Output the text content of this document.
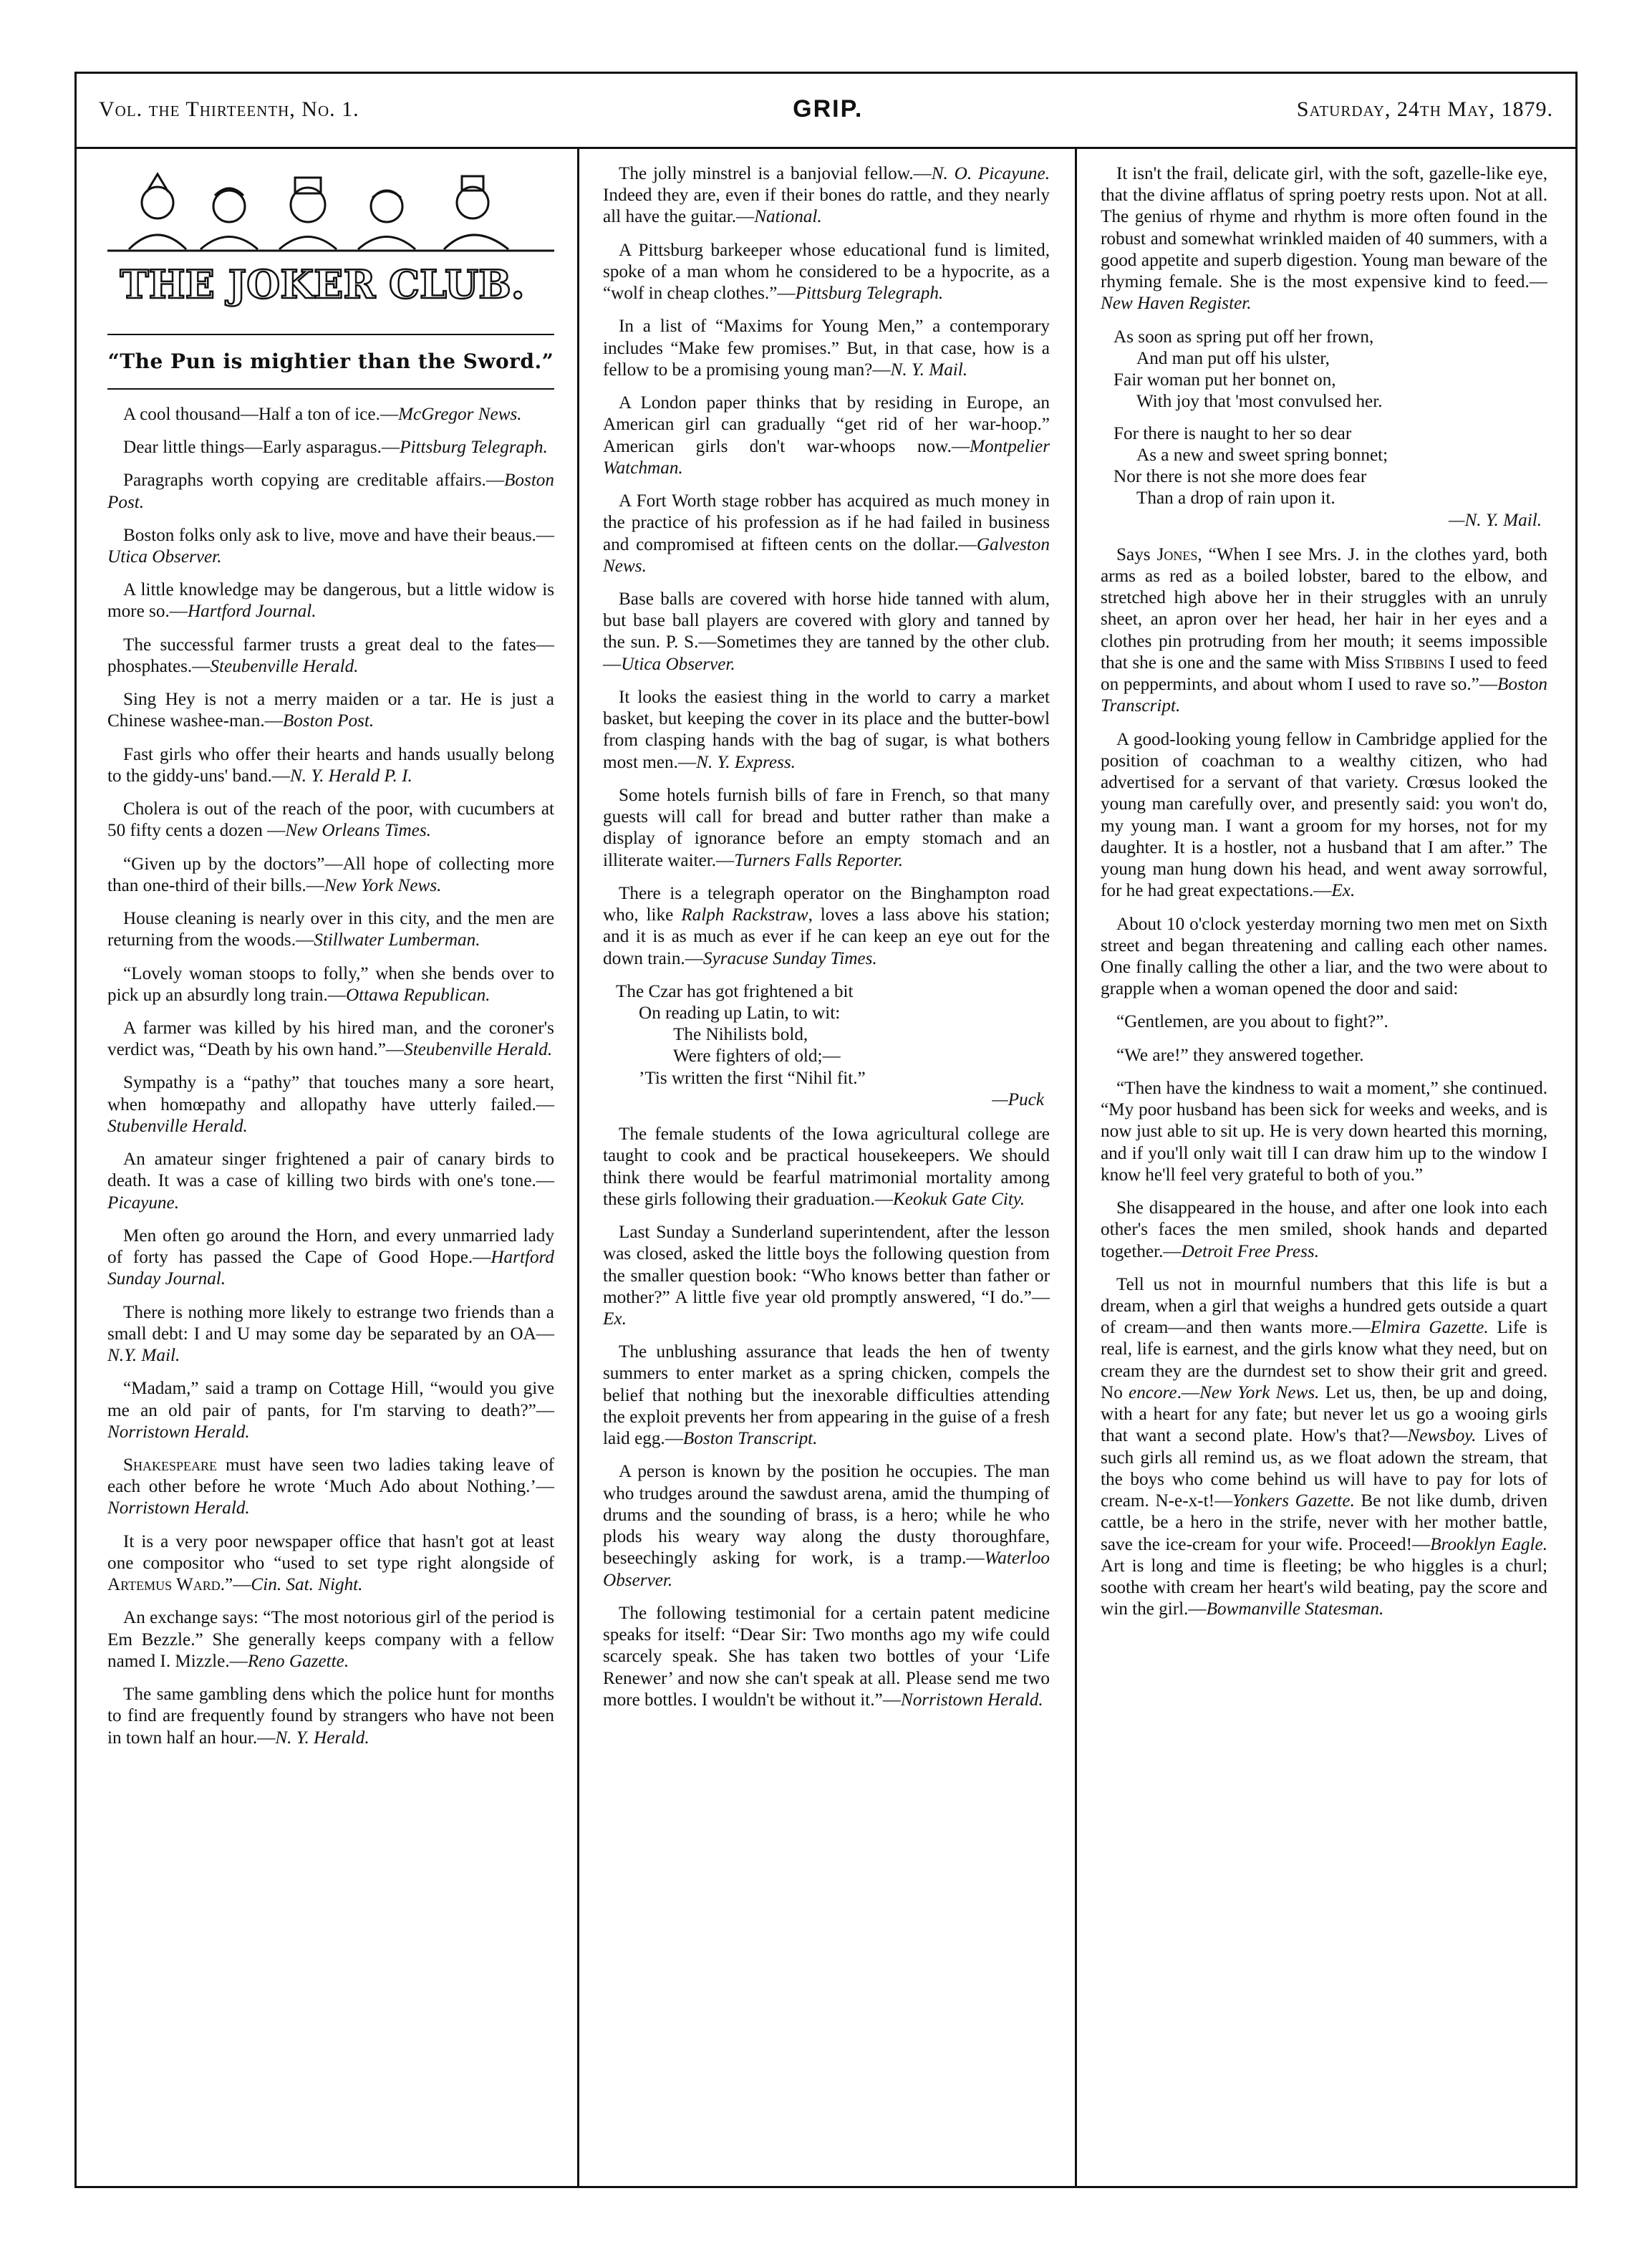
Vol. the Thirteenth, No. 1.	GRIP.	Saturday, 24th May, 1879.
THE JOKER CLUB.
“The Pun is mightier than the Sword.”

A cool thousand—Half a ton of ice.—McGregor News.

Dear little things—Early asparagus.—Pittsburg Telegraph.

Paragraphs worth copying are creditable affairs.—Boston Post.

Boston folks only ask to live, move and have their beaus.—Utica Observer.

A little knowledge may be dangerous, but a little widow is more so.—Hartford Journal.

The successful farmer trusts a great deal to the fates—phosphates.—Steubenville Herald.

Sing Hey is not a merry maiden or a tar. He is just a Chinese washee-man.—Boston Post.

Fast girls who offer their hearts and hands usually belong to the giddy-uns' band.—N. Y. Herald P. I.

Cholera is out of the reach of the poor, with cucumbers at 50 fifty cents a dozen —New Orleans Times.

“Given up by the doctors”—All hope of collecting more than one-third of their bills.—New York News.

House cleaning is nearly over in this city, and the men are returning from the woods.—Stillwater Lumberman.

“Lovely woman stoops to folly,” when she bends over to pick up an absurdly long train.—Ottawa Republican.

A farmer was killed by his hired man, and the coroner's verdict was, “Death by his own hand.”—Steubenville Herald.

Sympathy is a “pathy” that touches many a sore heart, when homœpathy and allopathy have utterly failed.—Stubenville Herald.

An amateur singer frightened a pair of canary birds to death. It was a case of killing two birds with one's tone.—Picayune.

Men often go around the Horn, and every unmarried lady of forty has passed the Cape of Good Hope.—Hartford Sunday Journal.

There is nothing more likely to estrange two friends than a small debt: I and U may some day be separated by an OA—N.Y. Mail.

“Madam,” said a tramp on Cottage Hill, “would you give me an old pair of pants, for I'm starving to death?”—Norristown Herald.

Shakespeare must have seen two ladies taking leave of each other before he wrote ‘Much Ado about Nothing.’—Norristown Herald.

It is a very poor newspaper office that hasn't got at least one compositor who “used to set type right alongside of Artemus Ward.”—Cin. Sat. Night.

An exchange says: “The most notorious girl of the period is Em Bezzle.” She generally keeps company with a fellow named I. Mizzle.—Reno Gazette.

The same gambling dens which the police hunt for months to find are frequently found by strangers who have not been in town half an hour.—N. Y. Herald.

The jolly minstrel is a banjovial fellow.—N. O. Picayune. Indeed they are, even if their bones do rattle, and they nearly all have the guitar.—National.

A Pittsburg barkeeper whose educational fund is limited, spoke of a man whom he considered to be a hypocrite, as a “wolf in cheap clothes.”—Pittsburg Telegraph.

In a list of “Maxims for Young Men,” a contemporary includes “Make few promises.” But, in that case, how is a fellow to be a promising young man?—N. Y. Mail.

A London paper thinks that by residing in Europe, an American girl can gradually “get rid of her war-hoop.” American girls don't war-whoops now.—Montpelier Watchman.

A Fort Worth stage robber has acquired as much money in the practice of his profession as if he had failed in business and compromised at fifteen cents on the dollar.—Galveston News.

Base balls are covered with horse hide tanned with alum, but base ball players are covered with glory and tanned by the sun. P. S.—Sometimes they are tanned by the other club.—Utica Observer.

It looks the easiest thing in the world to carry a market basket, but keeping the cover in its place and the butter-bowl from clasping hands with the bag of sugar, is what bothers most men.—N. Y. Express.

Some hotels furnish bills of fare in French, so that many guests will call for bread and butter rather than make a display of ignorance before an empty stomach and an illiterate waiter.—Turners Falls Reporter.

There is a telegraph operator on the Binghampton road who, like Ralph Rackstraw, loves a lass above his station; and it is as much as ever if he can keep an eye out for the down train.—Syracuse Sunday Times.

The Czar has got frightened a bit
On reading up Latin, to wit:
The Nihilists bold,
Were fighters of old;—
’Tis written the first “Nihil fit.”
—Puck

The female students of the Iowa agricultural college are taught to cook and be practical housekeepers. We should think there would be fearful matrimonial mortality among these girls following their graduation.—Keokuk Gate City.

Last Sunday a Sunderland superintendent, after the lesson was closed, asked the little boys the following question from the smaller question book: “Who knows better than father or mother?” A little five year old promptly answered, “I do.”—Ex.

The unblushing assurance that leads the hen of twenty summers to enter market as a spring chicken, compels the belief that nothing but the inexorable difficulties attending the exploit prevents her from appearing in the guise of a fresh laid egg.—Boston Transcript.

A person is known by the position he occupies. The man who trudges around the sawdust arena, amid the thumping of drums and the sounding of brass, is a hero; while he who plods his weary way along the dusty thoroughfare, beseechingly asking for work, is a tramp.—Waterloo Observer.

The following testimonial for a certain patent medicine speaks for itself: “Dear Sir: Two months ago my wife could scarcely speak. She has taken two bottles of your ‘Life Renewer’ and now she can't speak at all. Please send me two more bottles. I wouldn't be without it.”—Norristown Herald.

It isn't the frail, delicate girl, with the soft, gazelle-like eye, that the divine afflatus of spring poetry rests upon. Not at all. The genius of rhyme and rhythm is more often found in the robust and somewhat wrinkled maiden of 40 summers, with a good appetite and superb digestion. Young man beware of the rhyming female. She is the most expensive kind to feed.—New Haven Register.

As soon as spring put off her frown,
And man put off his ulster,
Fair woman put her bonnet on,
With joy that 'most convulsed her.
For there is naught to her so dear
As a new and sweet spring bonnet;
Nor there is not she more does fear
Than a drop of rain upon it.
—N. Y. Mail.

Says Jones, “When I see Mrs. J. in the clothes yard, both arms as red as a boiled lobster, bared to the elbow, and stretched high above her in their struggles with an unruly sheet, an apron over her head, her hair in her eyes and a clothes pin protruding from her mouth; it seems impossible that she is one and the same with Miss Stibbins I used to feed on peppermints, and about whom I used to rave so.”—Boston Transcript.

A good-looking young fellow in Cambridge applied for the position of coachman to a wealthy citizen, who had advertised for a servant of that variety. Crœsus looked the young man carefully over, and presently said: you won't do, my young man. I want a groom for my horses, not for my daughter. It is a hostler, not a husband that I am after.” The young man hung down his head, and went away sorrowful, for he had great expectations.—Ex.

About 10 o'clock yesterday morning two men met on Sixth street and began threatening and calling each other names. One finally calling the other a liar, and the two were about to grapple when a woman opened the door and said:

“Gentlemen, are you about to fight?”.

“We are!” they answered together.

“Then have the kindness to wait a moment,” she continued. “My poor husband has been sick for weeks and weeks, and is now just able to sit up. He is very down hearted this morning, and if you'll only wait till I can draw him up to the window I know he'll feel very grateful to both of you.”

She disappeared in the house, and after one look into each other's faces the men smiled, shook hands and departed together.—Detroit Free Press.

Tell us not in mournful numbers that this life is but a dream, when a girl that weighs a hundred gets outside a quart of cream—and then wants more.—Elmira Gazette. Life is real, life is earnest, and the girls know what they need, but on cream they are the durndest set to show their grit and greed. No encore.—New York News. Let us, then, be up and doing, with a heart for any fate; but never let us go a wooing girls that want a second plate. How's that?—Newsboy. Lives of such girls all remind us, as we float adown the stream, that the boys who come behind us will have to pay for lots of cream. N-e-x-t!—Yonkers Gazette. Be not like dumb, driven cattle, be a hero in the strife, never with her mother battle, save the ice-cream for your wife. Proceed!—Brooklyn Eagle. Art is long and time is fleeting; be who higgles is a churl; soothe with cream her heart's wild beating, pay the score and win the girl.—Bowmanville Statesman.
